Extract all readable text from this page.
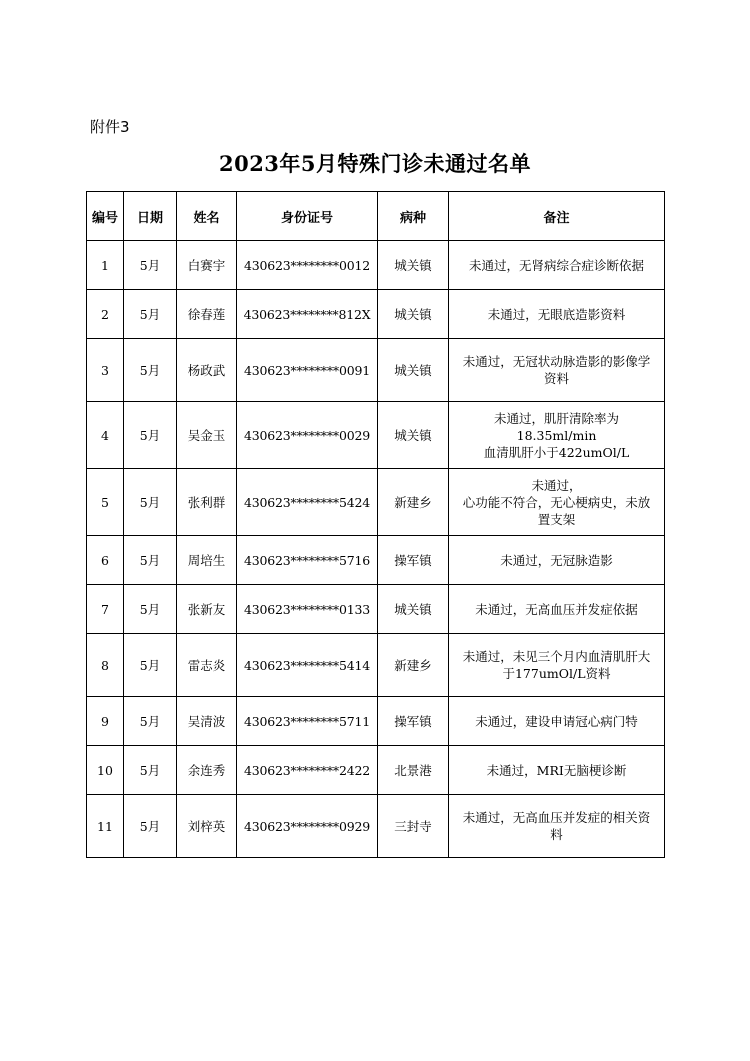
附件3
2023年5月特殊门诊未通过名单
编号	日期	姓名	身份证号	病种	备注
1	5月	白赛宇	430623********0012	城关镇	未通过，无肾病综合症诊断依据

2	5月	徐春莲	430623********812X	城关镇	未通过，无眼底造影资料

3	5月	杨政武	430623********0091	城关镇	未通过，无冠状动脉造影的影像学
资料

4	5月	吴金玉	430623********0029	城关镇	未通过，肌肝清除率为
18.35ml/min
血清肌肝小于422umOl/L

5	5月	张利群	430623********5424	新建乡	未通过，
心功能不符合，无心梗病史，未放
置支架

6	5月	周培生	430623********5716	操军镇	未通过，无冠脉造影

7	5月	张新友	430623********0133	城关镇	未通过，无高血压并发症依据

8	5月	雷志炎	430623********5414	新建乡	未通过，未见三个月内血清肌肝大
于177umOl/L资料

9	5月	吴清波	430623********5711	操军镇	未通过，建设申请冠心病门特

10	5月	余连秀	430623********2422	北景港	未通过，MRI无脑梗诊断

11	5月	刘梓英	430623********0929	三封寺	未通过，无高血压并发症的相关资
料
